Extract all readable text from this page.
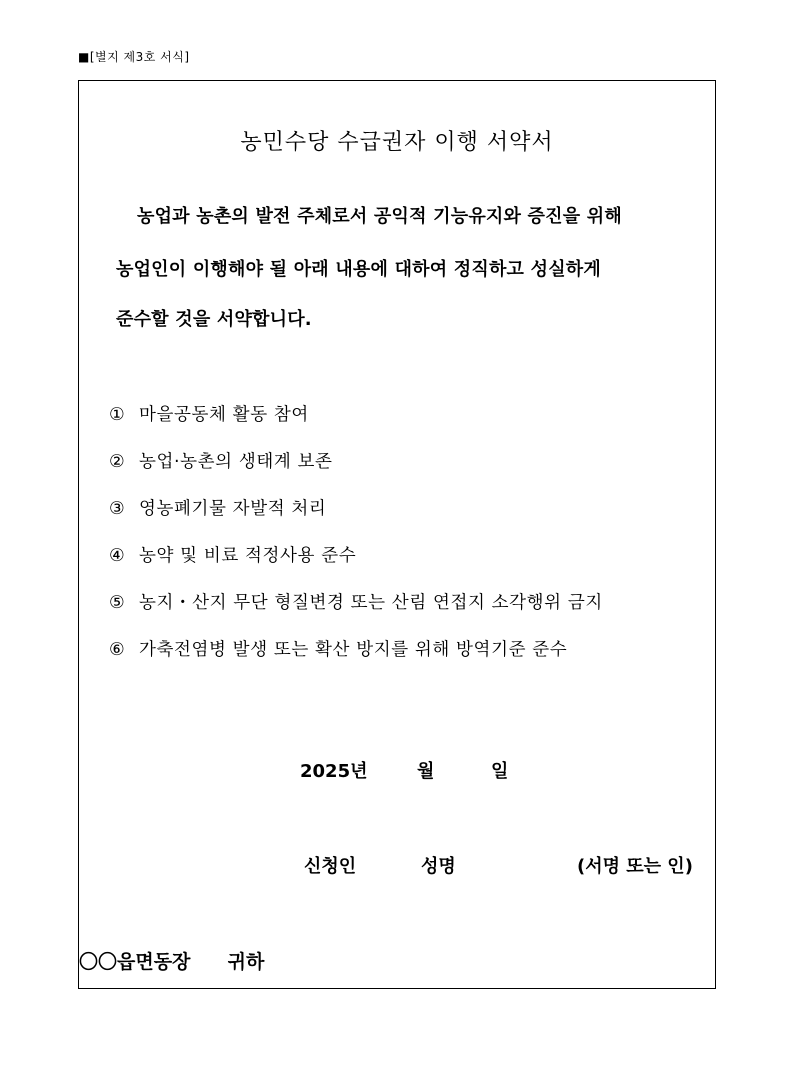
■[별지 제3호 서식]
농민수당 수급권자 이행 서약서
농업과 농촌의 발전 주체로서 공익적 기능유지와 증진을 위해
농업인이 이행해야 될 아래 내용에 대하여 정직하고 성실하게
준수할 것을 서약합니다.
① 마을공동체 활동 참여
② 농업·농촌의 생태계 보존
③ 영농폐기물 자발적 처리
④ 농약 및 비료 적정사용 준수
⑤ 농지・산지 무단 형질변경 또는 산림 연접지 소각행위 금지
⑥ 가축전염병 발생 또는 확산 방지를 위해 방역기준 준수
2025년	월	일
신청인	성명	(서명 또는 인)
〇〇읍면동장 귀하
